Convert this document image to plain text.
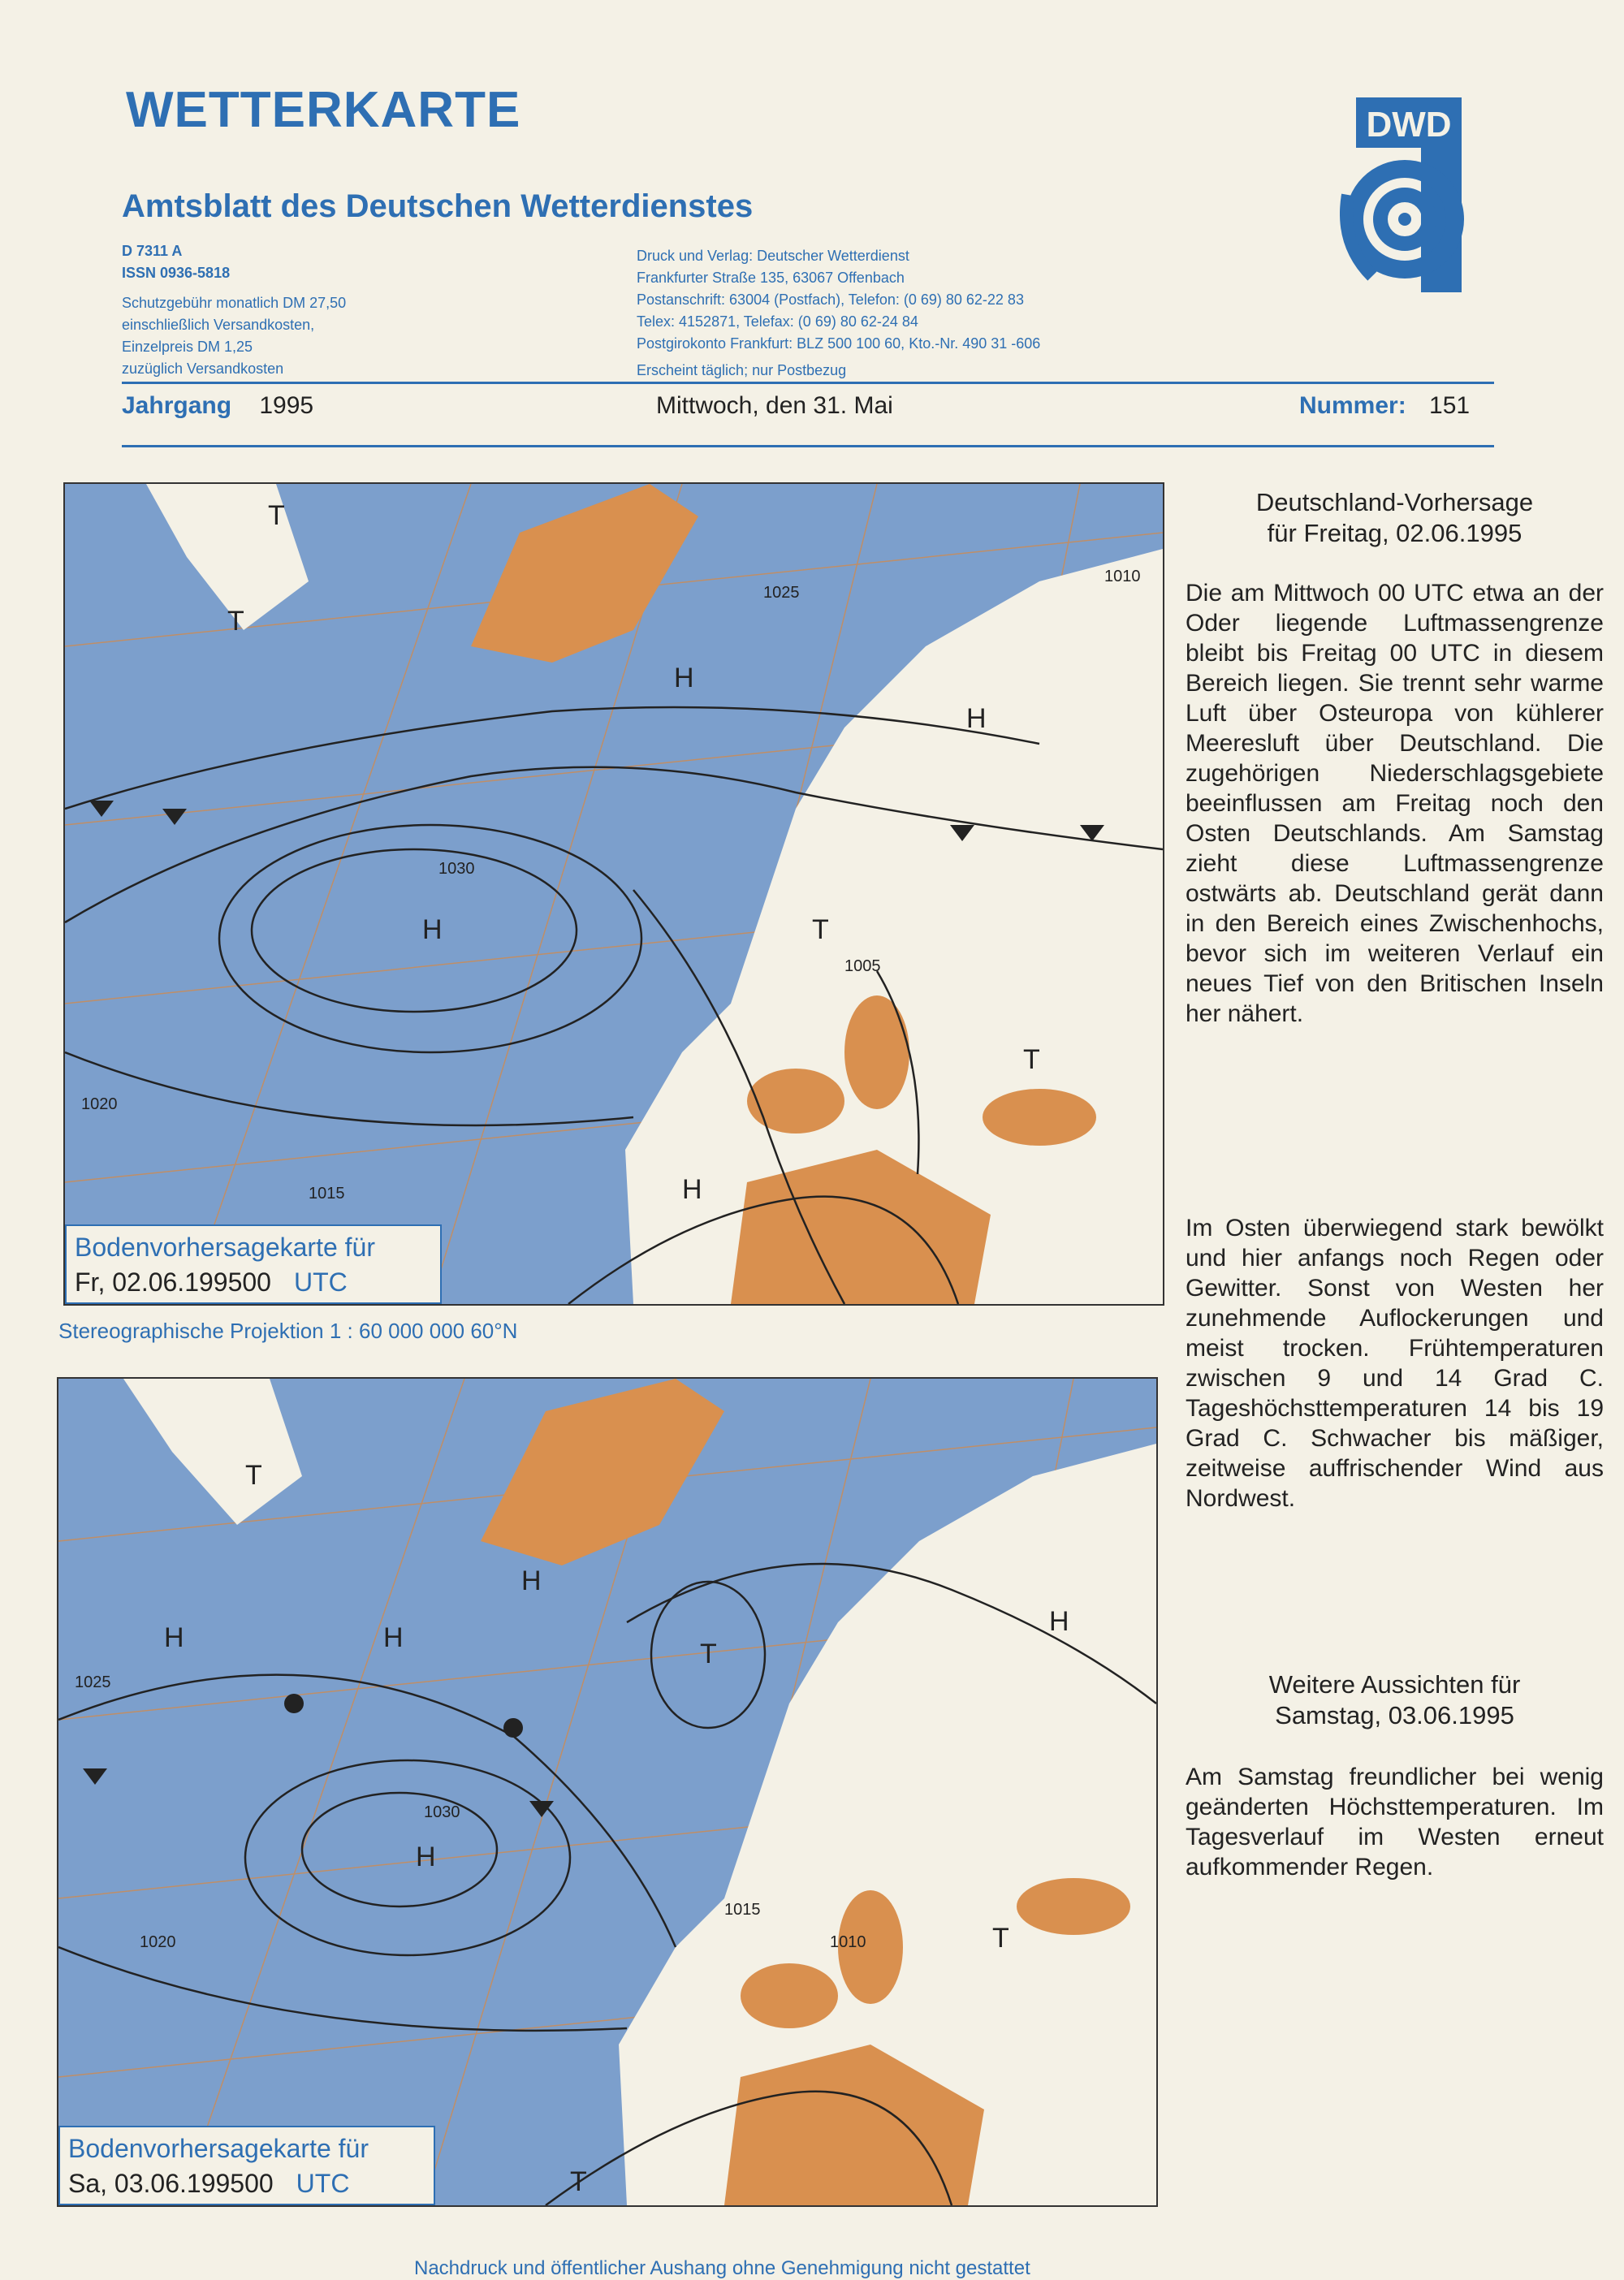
WETTERKARTE
Amtsblatt des Deutschen Wetterdienstes
D 7311 A
ISSN 0936-5818
Schutzgebühr monatlich DM 27,50
einschließlich Versandkosten,
Einzelpreis DM 1,25
zuzüglich Versandkosten
Druck und Verlag: Deutscher Wetterdienst
Frankfurter Straße 135, 63067 Offenbach
Postanschrift: 63004 (Postfach), Telefon: (0 69) 80 62-22 83
Telex: 4152871, Telefax: (0 69) 80 62-24 84
Postgirokonto Frankfurt: BLZ 500 100 60, Kto.-Nr. 490 31 -606
Erscheint täglich; nur Postbezug
DWD
Jahrgang 1995	Mittwoch, den 31. Mai	Nummer: 151
H
H
H
H
T
T
T
T
1030
1025
1020
1015
1010
1005
Bodenvorhersagekarte für
Fr, 02.06.199500 UTC
Stereographische Projektion 1 : 60 000 000 60°N
H
H	H
H
H
T
T
T
T
1030
1025
1020
1015
1010
Bodenvorhersagekarte für
Sa, 03.06.199500 UTC
Deutschland-Vorhersage
für Freitag, 02.06.1995
Die am Mittwoch 00 UTC etwa an der Oder liegende Luftmassengrenze bleibt bis Freitag 00 UTC in diesem Bereich liegen. Sie trennt sehr warme Luft über Osteuropa von kühlerer Meeresluft über Deutschland. Die zugehörigen Niederschlagsgebiete beeinflussen am Freitag noch den Osten Deutschlands. Am Samstag zieht diese Luftmassengrenze ostwärts ab. Deutschland gerät dann in den Bereich eines Zwischenhochs, bevor sich im weiteren Verlauf ein neues Tief von den Britischen Inseln her nähert.
Im Osten überwiegend stark bewölkt und hier anfangs noch Regen oder Gewitter. Sonst von Westen her zunehmende Auflockerungen und meist trocken. Frühtemperaturen zwischen 9 und 14 Grad C. Tageshöchsttemperaturen 14 bis 19 Grad C. Schwacher bis mäßiger, zeitweise auffrischender Wind aus Nordwest.
Weitere Aussichten für
Samstag, 03.06.1995
Am Samstag freundlicher bei wenig geänderten Höchsttemperaturen. Im Tagesverlauf im Westen erneut aufkommender Regen.
Nachdruck und öffentlicher Aushang ohne Genehmigung nicht gestattet
